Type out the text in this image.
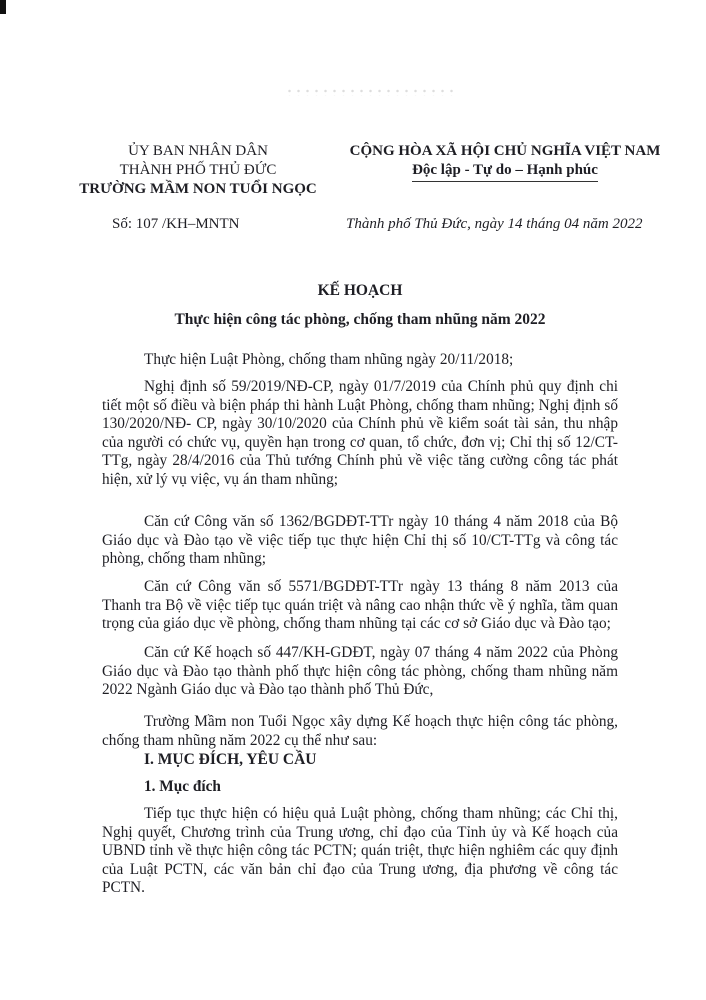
ỦY BAN NHÂN DÂN
THÀNH PHỐ THỦ ĐỨC
TRƯỜNG MẦM NON TUỔI NGỌC
CỘNG HÒA XÃ HỘI CHỦ NGHĨA VIỆT NAM
Độc lập - Tự do – Hạnh phúc
Số: 107 /KH–MNTN	Thành phố Thủ Đức, ngày 14 tháng 04 năm 2022
KẾ HOẠCH
Thực hiện công tác phòng, chống tham nhũng năm 2022
Thực hiện Luật Phòng, chống tham nhũng ngày 20/11/2018;
Nghị định số 59/2019/NĐ-CP, ngày 01/7/2019 của Chính phủ quy định chi tiết một số điều và biện pháp thi hành Luật Phòng, chống tham nhũng; Nghị định số 130/2020/NĐ- CP, ngày 30/10/2020 của Chính phủ về kiểm soát tài sản, thu nhập của người có chức vụ, quyền hạn trong cơ quan, tổ chức, đơn vị; Chỉ thị số 12/CT-TTg, ngày 28/4/2016 của Thủ tướng Chính phủ về việc tăng cường công tác phát hiện, xử lý vụ việc, vụ án tham nhũng;
Căn cứ Công văn số 1362/BGDĐT-TTr ngày 10 tháng 4 năm 2018 của Bộ Giáo dục và Đào tạo về việc tiếp tục thực hiện Chỉ thị số 10/CT-TTg và công tác phòng, chống tham nhũng;
Căn cứ Công văn số 5571/BGDĐT-TTr ngày 13 tháng 8 năm 2013 của Thanh tra Bộ về việc tiếp tục quán triệt và nâng cao nhận thức về ý nghĩa, tầm quan trọng của giáo dục về phòng, chống tham nhũng tại các cơ sở Giáo dục và Đào tạo;
Căn cứ Kế hoạch số 447/KH-GDĐT, ngày 07 tháng 4 năm 2022 của Phòng Giáo dục và Đào tạo thành phố thực hiện công tác phòng, chống tham nhũng năm 2022 Ngành Giáo dục và Đào tạo thành phố Thủ Đức,
Trường Mầm non Tuổi Ngọc xây dựng Kế hoạch thực hiện công tác phòng, chống tham nhũng năm 2022 cụ thể như sau:
I. MỤC ĐÍCH, YÊU CẦU
1. Mục đích
Tiếp tục thực hiện có hiệu quả Luật phòng, chống tham nhũng; các Chỉ thị, Nghị quyết, Chương trình của Trung ương, chỉ đạo của Tỉnh ủy và Kế hoạch của UBND tỉnh về thực hiện công tác PCTN; quán triệt, thực hiện nghiêm các quy định của Luật PCTN, các văn bản chỉ đạo của Trung ương, địa phương về công tác PCTN.
